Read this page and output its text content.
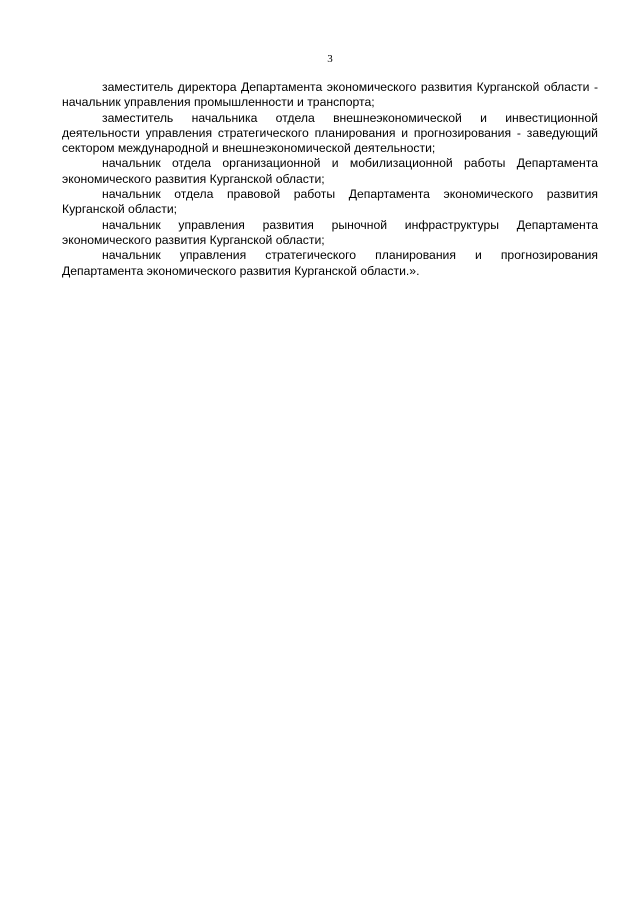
3

заместитель директора Департамента экономического развития Курганской области - начальник управления промышленности и транспорта;

заместитель начальника отдела внешнеэкономической и инвестиционной деятельности управления стратегического планирования и прогнозирования - заведующий сектором международной и внешнеэкономической деятельности;

начальник отдела организационной и мобилизационной работы Департамента экономического развития Курганской области;

начальник отдела правовой работы Департамента экономического развития Курганской области;

начальник управления развития рыночной инфраструктуры Департамента экономического развития Курганской области;

начальник управления стратегического планирования и прогнозирования Департамента экономического развития Курганской области.».
